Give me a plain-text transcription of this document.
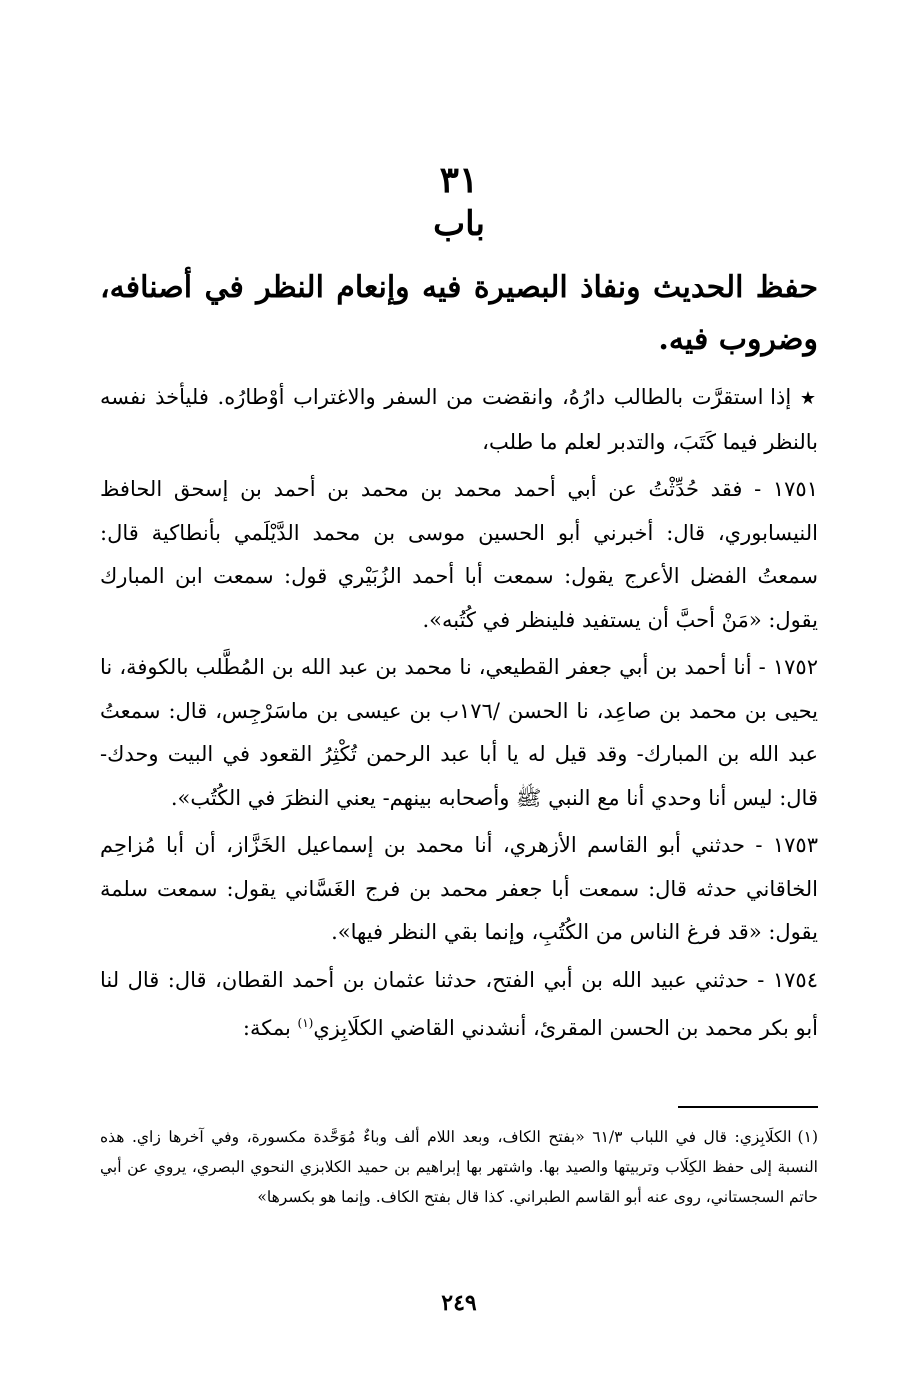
٣١
باب
حفظ الحديث ونفاذ البصيرة فيه وإنعام النظر في أصنافه، وضروب فيه.

★ إذا استقرَّت بالطالب دارُهُ، وانقضت من السفر والاغتراب أوْطارُه. فليأخذ نفسه بالنظر فيما كَتَبَ، والتدبر لعلم ما طلب،

١٧٥١ - فقد حُدِّثْتُ عن أبي أحمد محمد بن محمد بن أحمد بن إسحق الحافظ النيسابوري، قال: أخبرني أبو الحسين موسى بن محمد الدَّيْلَمي بأنطاكية قال: سمعتُ الفضل الأعرج يقول: سمعت أبا أحمد الزُبَيْري قول: سمعت ابن المبارك يقول: «مَنْ أحبَّ أن يستفيد فلينظر في كُتُبه».

١٧٥٢ - أنا أحمد بن أبي جعفر القطيعي، نا محمد بن عبد الله بن المُطَّلب بالكوفة، نا يحيى بن محمد بن صاعِد، نا الحسن /١٧٦ب بن عيسى بن ماسَرْجِس، قال: سمعتُ عبد الله بن المبارك- وقد قيل له يا أبا عبد الرحمن تُكْثِرُ القعود في البيت وحدك- قال: ليس أنا وحدي أنا مع النبي ﷺ وأصحابه بينهم- يعني النظرَ في الكُتُب».

١٧٥٣ - حدثني أبو القاسم الأزهري، أنا محمد بن إسماعيل الخَزَّاز، أن أبا مُزاحِم الخاقاني حدثه قال: سمعت أبا جعفر محمد بن فرج الغَسَّاني يقول: سمعت سلمة يقول: «قد فرغ الناس من الكُتُبِ، وإنما بقي النظر فيها».

١٧٥٤ - حدثني عبيد الله بن أبي الفتح، حدثنا عثمان بن أحمد القطان، قال: قال لنا أبو بكر محمد بن الحسن المقرئ، أنشدني القاضي الكلَابِزي$^{(١)}$ بمكة:

(١)الكلَابِزي: قال في اللباب ٦١/٣ «بفتح الكاف، وبعد اللام ألف وباءٌ مُوَحَّدة مكسورة، وفي آخرها زاي. هذه النسبة إلى حفظ الكِلَاب وتربيتها والصيد بها. واشتهر بها إبراهيم بن حميد الكلابزي النحوي البصري، يروي عن أبي حاتم السجستاني، روى عنه أبو القاسم الطبراني. كذا قال بفتح الكاف. وإنما هو بكسرها»

٢٤٩
